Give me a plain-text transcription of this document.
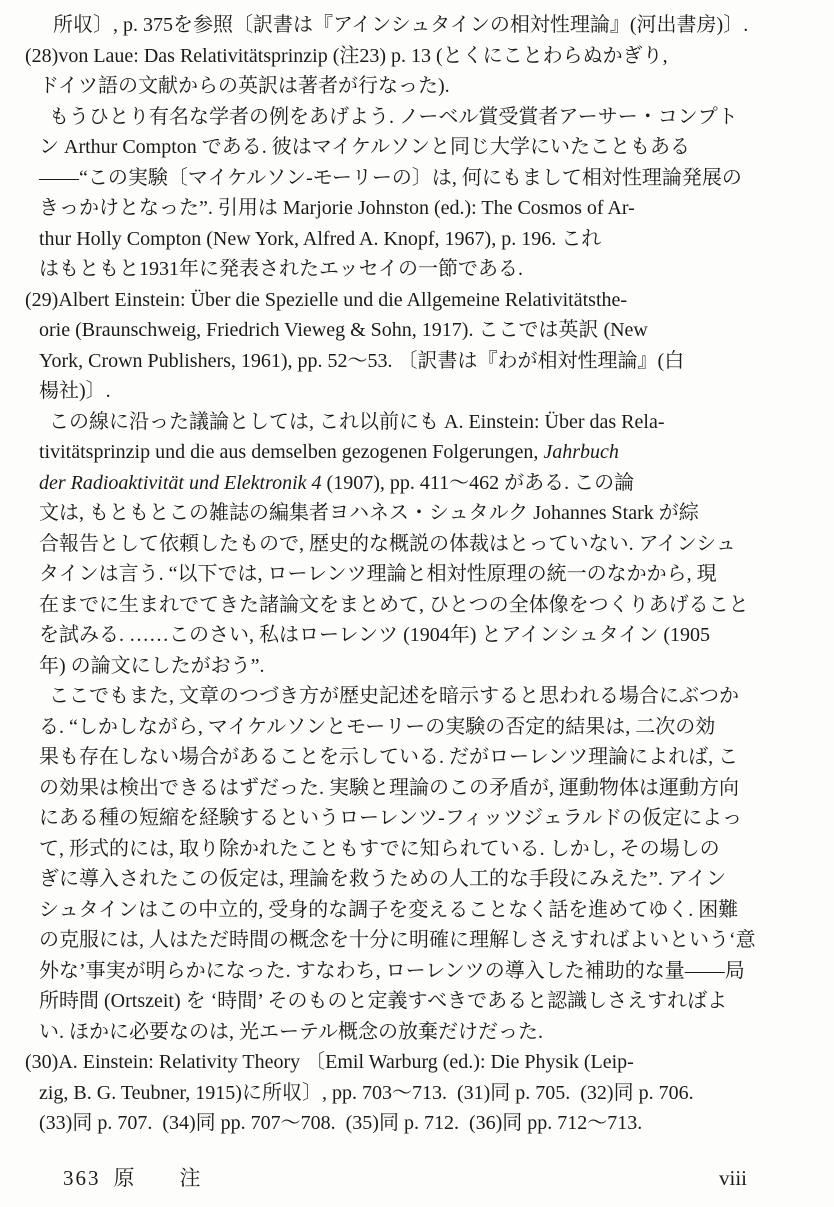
所収〕, p. 375を参照〔訳書は『アインシュタインの相対性理論』(河出書房)〕.
(28)von Laue: Das Relativitätsprinzip (注23) p. 13 (とくにことわらぬかぎり,
ドイツ語の文献からの英訳は著者が行なった).
もうひとり有名な学者の例をあげよう. ノーベル賞受賞者アーサー・コンプト
ン Arthur Compton である. 彼はマイケルソンと同じ大学にいたこともある
——“この実験〔マイケルソン-モーリーの〕は, 何にもまして相対性理論発展の
きっかけとなった”. 引用は Marjorie Johnston (ed.): The Cosmos of Ar-
thur Holly Compton (New York, Alfred A. Knopf, 1967), p. 196. これ
はもともと1931年に発表されたエッセイの一節である.
(29)Albert Einstein: Über die Spezielle und die Allgemeine Relativitätsthe-
orie (Braunschweig, Friedrich Vieweg & Sohn, 1917). ここでは英訳 (New
York, Crown Publishers, 1961), pp. 52〜53. 〔訳書は『わが相対性理論』(白
楊社)〕.
この線に沿った議論としては, これ以前にも A. Einstein: Über das Rela-
tivitätsprinzip und die aus demselben gezogenen Folgerungen, Jahrbuch
der Radioaktivität und Elektronik 4 (1907), pp. 411〜462 がある. この論
文は, もともとこの雑誌の編集者ヨハネス・シュタルク Johannes Stark が綜
合報告として依頼したもので, 歴史的な概説の体裁はとっていない. アインシュ
タインは言う. “以下では, ローレンツ理論と相対性原理の統一のなかから, 現
在までに生まれでてきた諸論文をまとめて, ひとつの全体像をつくりあげること
を試みる. ……このさい, 私はローレンツ (1904年) とアインシュタイン (1905
年) の論文にしたがおう”.
ここでもまた, 文章のつづき方が歴史記述を暗示すると思われる場合にぶつか
る. “しかしながら, マイケルソンとモーリーの実験の否定的結果は, 二次の効
果も存在しない場合があることを示している. だがローレンツ理論によれば, こ
の効果は検出できるはずだった. 実験と理論のこの矛盾が, 運動物体は運動方向
にある種の短縮を経験するというローレンツ-フィッツジェラルドの仮定によっ
て, 形式的には, 取り除かれたこともすでに知られている. しかし, その場しの
ぎに導入されたこの仮定は, 理論を救うための人工的な手段にみえた”. アイン
シュタインはこの中立的, 受身的な調子を変えることなく話を進めてゆく. 困難
の克服には, 人はただ時間の概念を十分に明確に理解しさえすればよいという‘意
外な’事実が明らかになった. すなわち, ローレンツの導入した補助的な量——局
所時間 (Ortszeit) を ‘時間’ そのものと定義すべきであると認識しさえすればよ
い. ほかに必要なのは, 光エーテル概念の放棄だけだった.
(30)A. Einstein: Relativity Theory 〔Emil Warburg (ed.): Die Physik (Leip-
zig, B. G. Teubner, 1915)に所収〕, pp. 703〜713.  (31)同 p. 705.  (32)同 p. 706.
(33)同 p. 707.  (34)同 pp. 707〜708.  (35)同 p. 712.  (36)同 pp. 712〜713.
363 原　注	viii
